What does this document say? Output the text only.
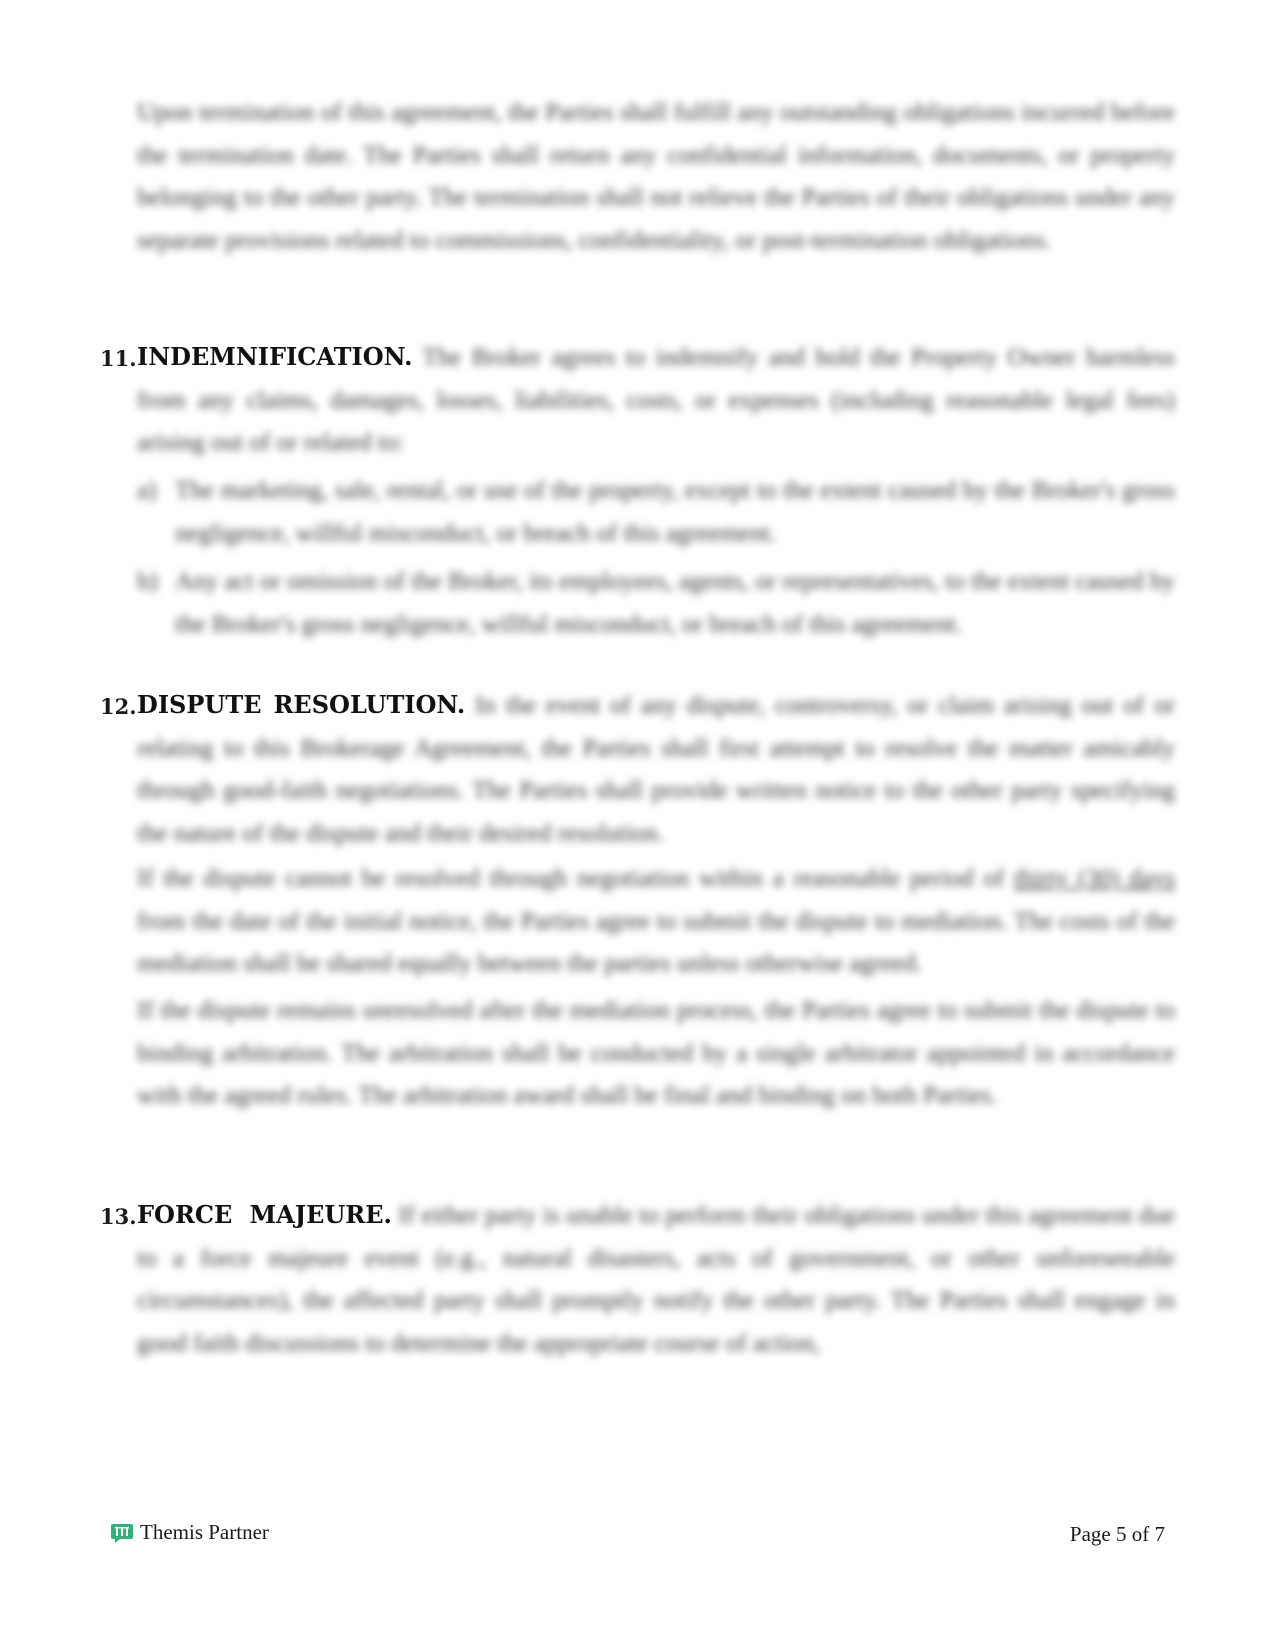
Upon termination of this agreement, the Parties shall fulfill any outstanding obligations incurred before the termination date. The Parties shall return any confidential information, documents, or property belonging to the other party. The termination shall not relieve the Parties of their obligations under any separate provisions related to commissions, confidentiality, or post-termination obligations.

11. INDEMNIFICATION. The Broker agrees to indemnify and hold the Property Owner harmless from any claims, damages, losses, liabilities, costs, or expenses (including reasonable legal fees) arising out of or related to:
a) The marketing, sale, rental, or use of the property, except to the extent caused by the Broker's gross negligence, willful misconduct, or breach of this agreement.
b) Any act or omission of the Broker, its employees, agents, or representatives, to the extent caused by the Broker's gross negligence, willful misconduct, or breach of this agreement.
12. DISPUTE RESOLUTION. In the event of any dispute, controversy, or claim arising out of or relating to this Brokerage Agreement, the Parties shall first attempt to resolve the matter amicably through good-faith negotiations. The Parties shall provide written notice to the other party specifying the nature of the dispute and their desired resolution.

If the dispute cannot be resolved through negotiation within a reasonable period of thirty (30) days from the date of the initial notice, the Parties agree to submit the dispute to mediation. The costs of the mediation shall be shared equally between the parties unless otherwise agreed.

If the dispute remains unresolved after the mediation process, the Parties agree to submit the dispute to binding arbitration. The arbitration shall be conducted by a single arbitrator appointed in accordance with the agreed rules. The arbitration award shall be final and binding on both Parties.

13. FORCE  MAJEURE. If either party is unable to perform their obligations under this agreement due to a force majeure event (e.g., natural disasters, acts of government, or other unforeseeable circumstances), the affected party shall promptly notify the other party. The Parties shall engage in good faith discussions to determine the appropriate course of action,
Themis Partner	Page 5 of 7
